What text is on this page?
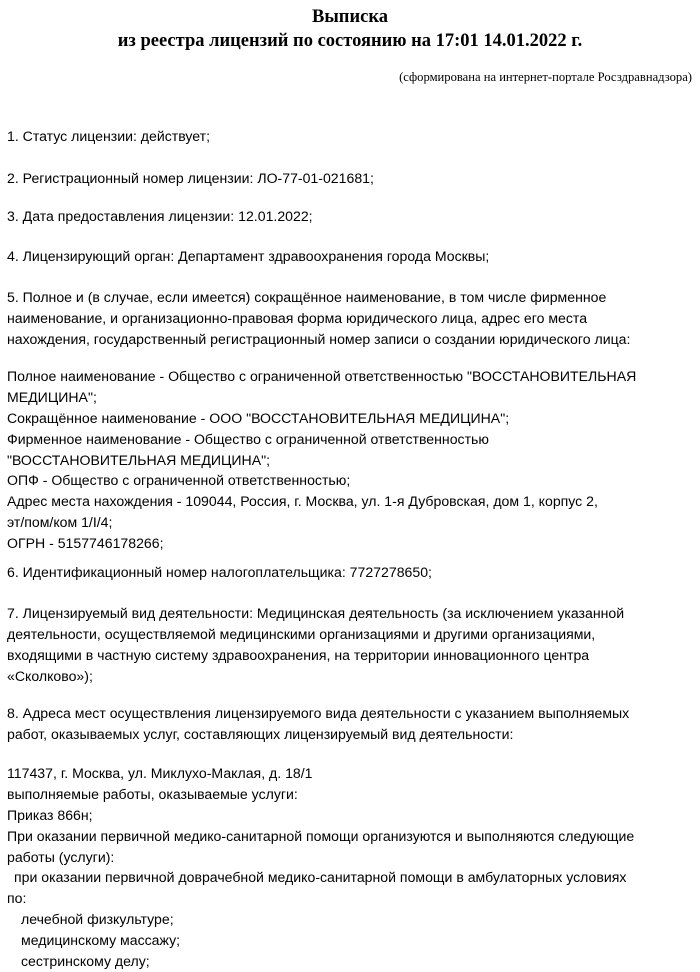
Выписка
из реестра лицензий по состоянию на 17:01 14.01.2022 г.
(сформирована на интернет-портале Росздравнадзора)

1. Статус лицензии: действует;

2. Регистрационный номер лицензии: ЛО-77-01-021681;

3. Дата предоставления лицензии: 12.01.2022;

4. Лицензирующий орган: Департамент здравоохранения города Москвы;

5. Полное и (в случае, если имеется) сокращённое наименование, в том числе фирменное
наименование, и организационно-правовая форма юридического лица, адрес его места
нахождения, государственный регистрационный номер записи о создании юридического лица:

Полное наименование - Общество с ограниченной ответственностью "ВОССТАНОВИТЕЛЬНАЯ
МЕДИЦИНА";
Сокращённое наименование - ООО "ВОССТАНОВИТЕЛЬНАЯ МЕДИЦИНА";
Фирменное наименование - Общество с ограниченной ответственностью
"ВОССТАНОВИТЕЛЬНАЯ МЕДИЦИНА";
ОПФ - Общество с ограниченной ответственностью;
Адрес места нахождения - 109044, Россия, г. Москва, ул. 1-я Дубровская, дом 1, корпус 2,
эт/пом/ком 1/I/4;
ОГРН - 5157746178266;

6. Идентификационный номер налогоплательщика: 7727278650;

7. Лицензируемый вид деятельности: Медицинская деятельность (за исключением указанной
деятельности, осуществляемой медицинскими организациями и другими организациями,
входящими в частную систему здравоохранения, на территории инновационного центра
«Сколково»);

8. Адреса мест осуществления лицензируемого вида деятельности с указанием выполняемых
работ, оказываемых услуг, составляющих лицензируемый вид деятельности:

117437, г. Москва, ул. Миклухо-Маклая, д. 18/1
выполняемые работы, оказываемые услуги:
Приказ 866н;
При оказании первичной медико-санитарной помощи организуются и выполняются следующие
работы (услуги):
при оказании первичной доврачебной медико-санитарной помощи в амбулаторных условиях
по:
лечебной физкультуре;
медицинскому массажу;
сестринскому делу;
